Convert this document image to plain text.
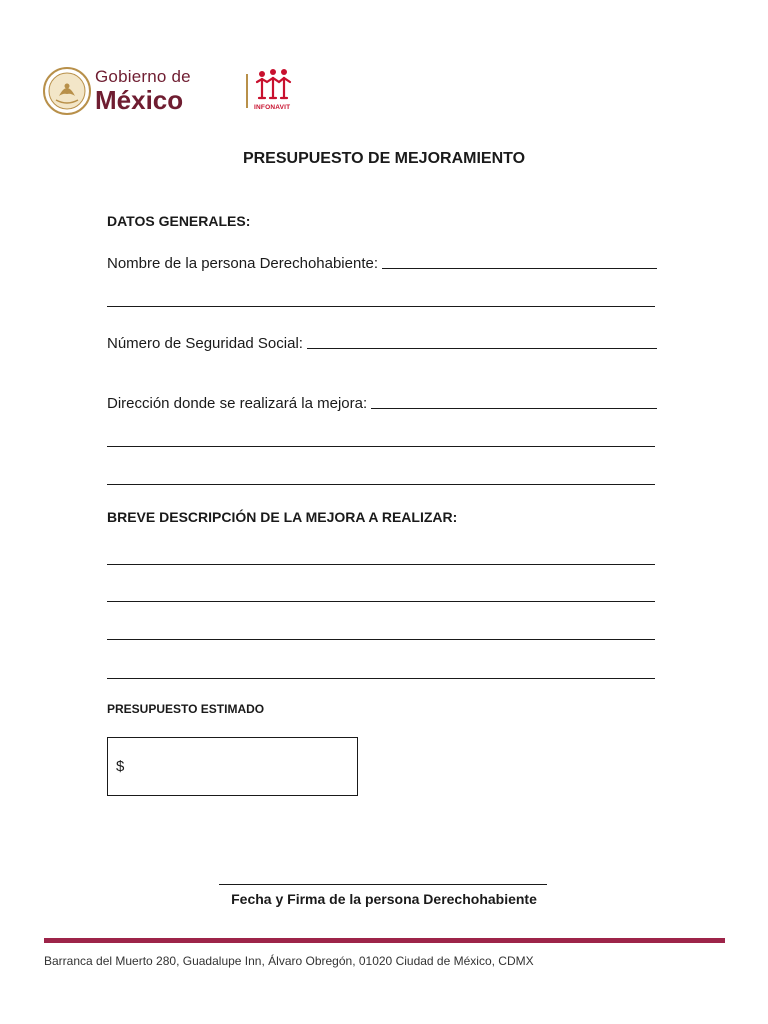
Gobierno de
México	INFONAVIT
PRESUPUESTO DE MEJORAMIENTO
DATOS GENERALES:
Nombre de la persona Derechohabiente:
Número de Seguridad Social:
Dirección donde se realizará la mejora:
BREVE DESCRIPCIÓN DE LA MEJORA A REALIZAR:
PRESUPUESTO ESTIMADO
$
Fecha y Firma de la persona Derechohabiente
Barranca del Muerto 280, Guadalupe Inn, Álvaro Obregón, 01020 Ciudad de México, CDMX
